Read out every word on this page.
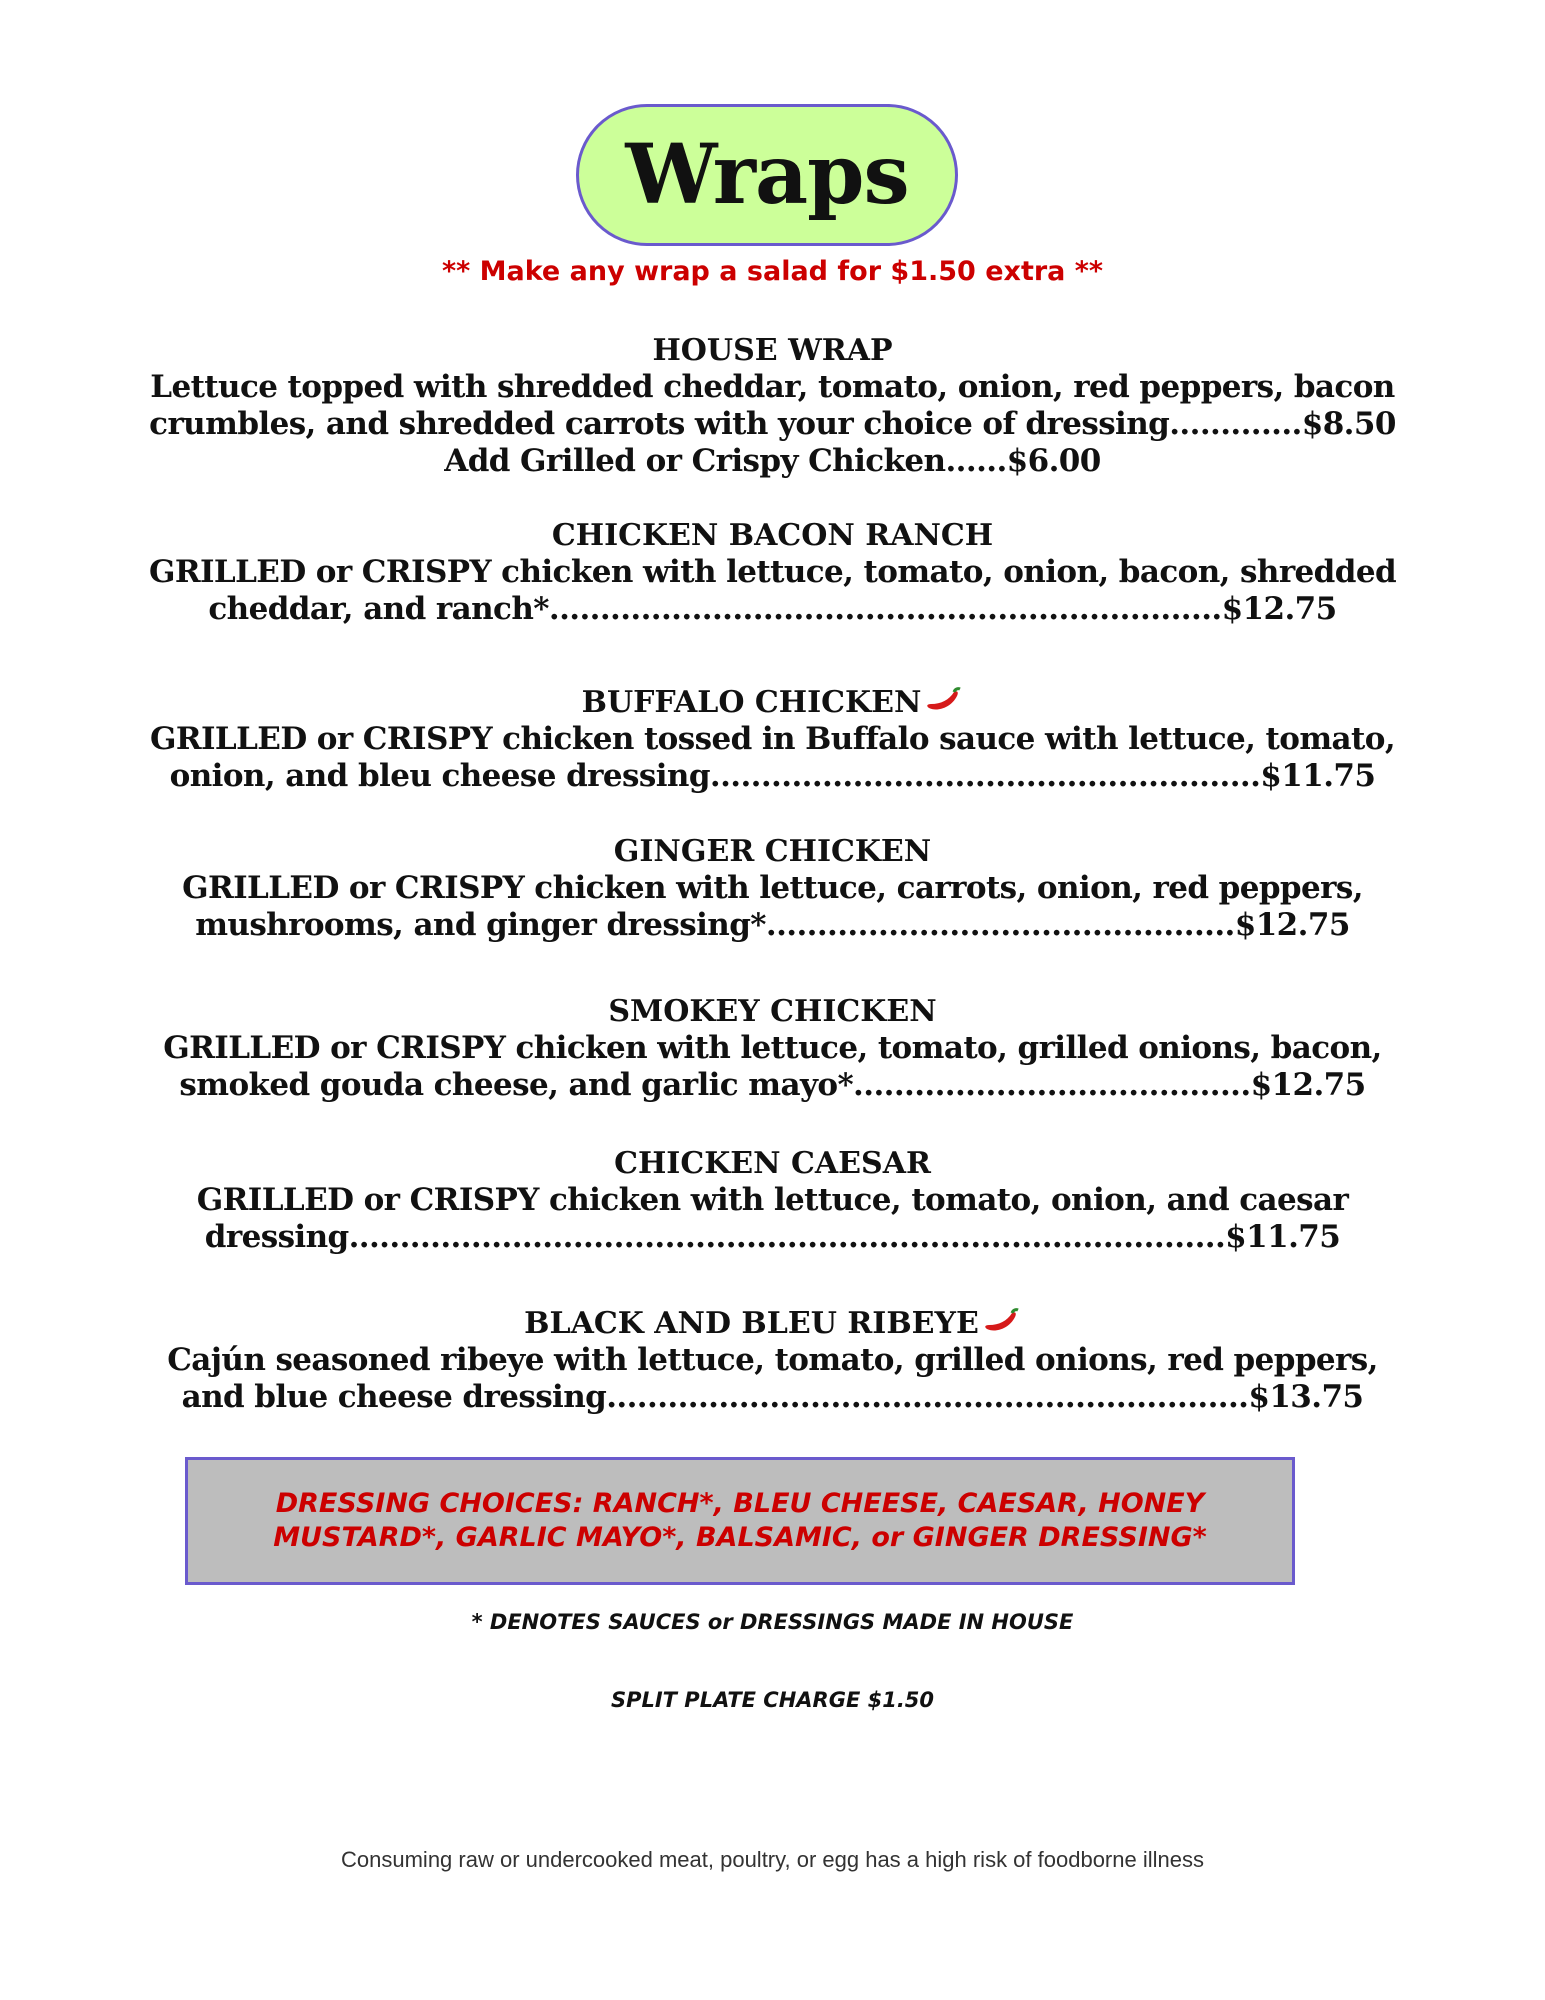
Wraps
** Make any wrap a salad for $1.50 extra **
HOUSE WRAP
Lettuce topped with shredded cheddar, tomato, onion, red peppers, bacon
crumbles, and shredded carrots with your choice of dressing.............$8.50
Add Grilled or Crispy Chicken......$6.00
CHICKEN BACON RANCH
GRILLED or CRISPY chicken with lettuce, tomato, onion, bacon, shredded
cheddar, and ranch*..................................................................$12.75
BUFFALO CHICKEN
GRILLED or CRISPY chicken tossed in Buffalo sauce with lettuce, tomato,
onion, and bleu cheese dressing......................................................$11.75
GINGER CHICKEN
GRILLED or CRISPY chicken with lettuce, carrots, onion, red peppers,
mushrooms, and ginger dressing*..............................................$12.75
SMOKEY CHICKEN
GRILLED or CRISPY chicken with lettuce, tomato, grilled onions, bacon,
smoked gouda cheese, and garlic mayo*.......................................$12.75
CHICKEN CAESAR
GRILLED or CRISPY chicken with lettuce, tomato, onion, and caesar
dressing......................................................................................$11.75
BLACK AND BLEU RIBEYE
Cajún seasoned ribeye with lettuce, tomato, grilled onions, red peppers,
and blue cheese dressing...............................................................$13.75
DRESSING CHOICES: RANCH*, BLEU CHEESE, CAESAR, HONEY MUSTARD*, GARLIC MAYO*, BALSAMIC, or GINGER DRESSING*
* DENOTES SAUCES or DRESSINGS MADE IN HOUSE
SPLIT PLATE CHARGE $1.50
Consuming raw or undercooked meat, poultry, or egg has a high risk of foodborne illness
